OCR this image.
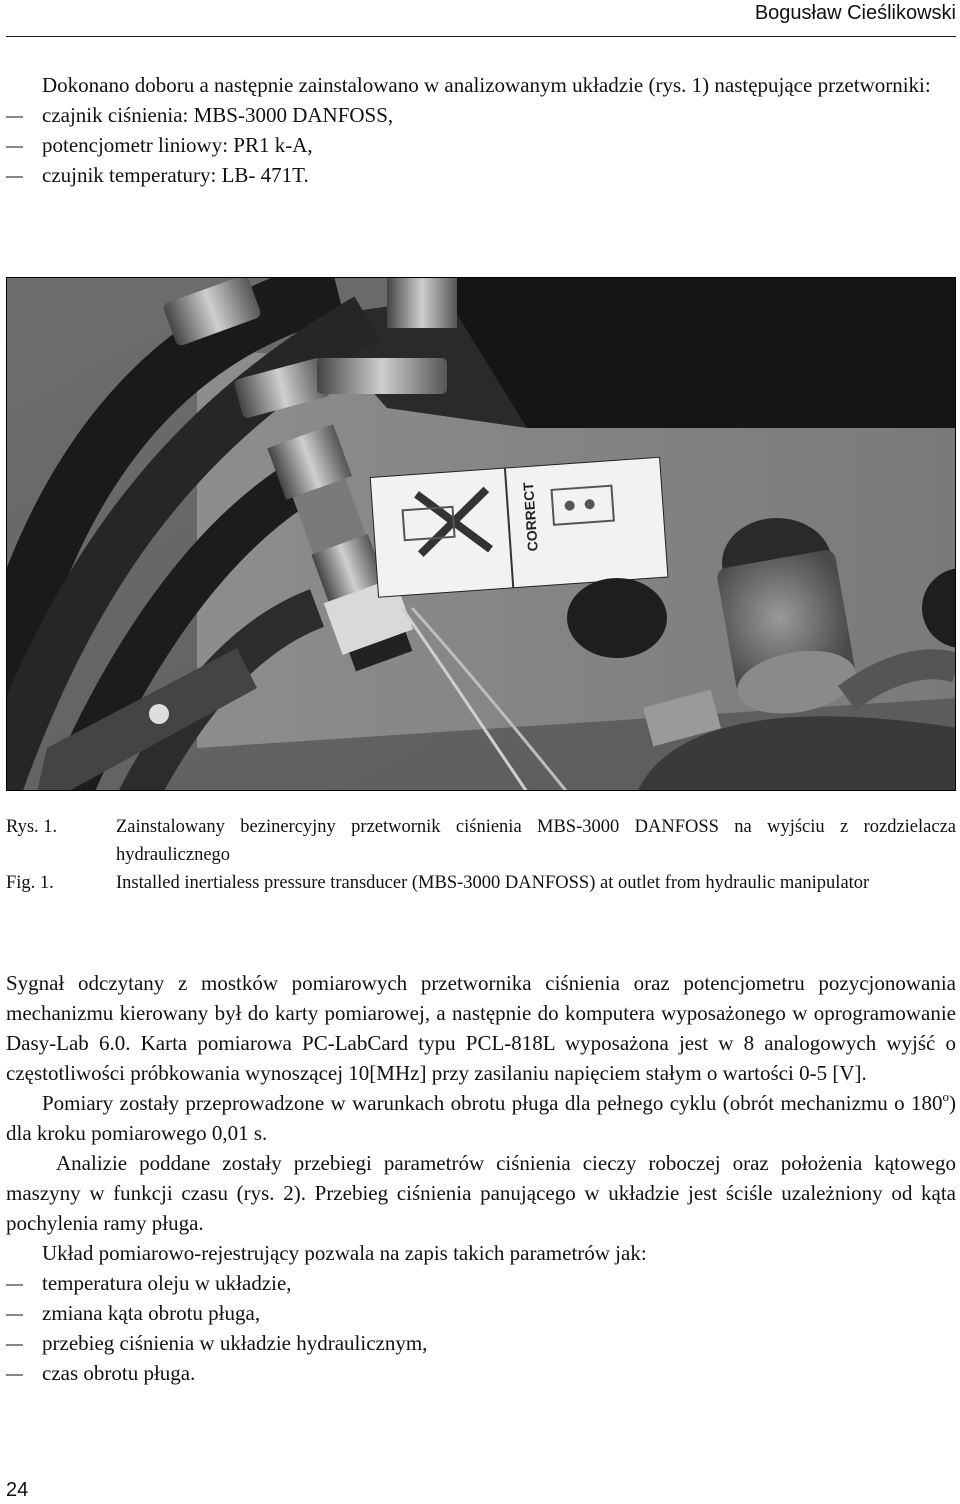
Bogusław Cieślikowski

Dokonano doboru a następnie zainstalowano w analizowanym układzie (rys. 1) następujące przetworniki:

– czajnik ciśnienia: MBS-3000 DANFOSS,
– potencjometr liniowy: PR1 k-A,
– czujnik temperatury: LB- 471T.
CORRECT
Rys. 1.	Zainstalowany bezinercyjny przetwornik ciśnienia MBS-3000 DANFOSS na wyjściu z rozdzielacza hydraulicznego
Fig. 1.	Installed inertialess pressure transducer (MBS-3000 DANFOSS) at outlet from hydraulic manipulator

Sygnał odczytany z mostków pomiarowych przetwornika ciśnienia oraz potencjometru pozycjonowania mechanizmu kierowany był do karty pomiarowej, a następnie do komputera wyposażonego w oprogramowanie Dasy-Lab 6.0. Karta pomiarowa PC-LabCard typu PCL-818L wyposażona jest w 8 analogowych wyjść o częstotliwości próbkowania wynoszącej 10[MHz] przy zasilaniu napięciem stałym o wartości 0-5 [V].

Pomiary zostały przeprowadzone w warunkach obrotu pługa dla pełnego cyklu (obrót mechanizmu o 180$^o$) dla kroku pomiarowego 0,01 s.

Analizie poddane zostały przebiegi parametrów ciśnienia cieczy roboczej oraz położenia kątowego maszyny w funkcji czasu (rys. 2). Przebieg ciśnienia panującego w układzie jest ściśle uzależniony od kąta pochylenia ramy pługa.

Układ pomiarowo-rejestrujący pozwala na zapis takich parametrów jak:

– temperatura oleju w układzie,
– zmiana kąta obrotu pługa,
– przebieg ciśnienia w układzie hydraulicznym,
– czas obrotu pługa.
24
